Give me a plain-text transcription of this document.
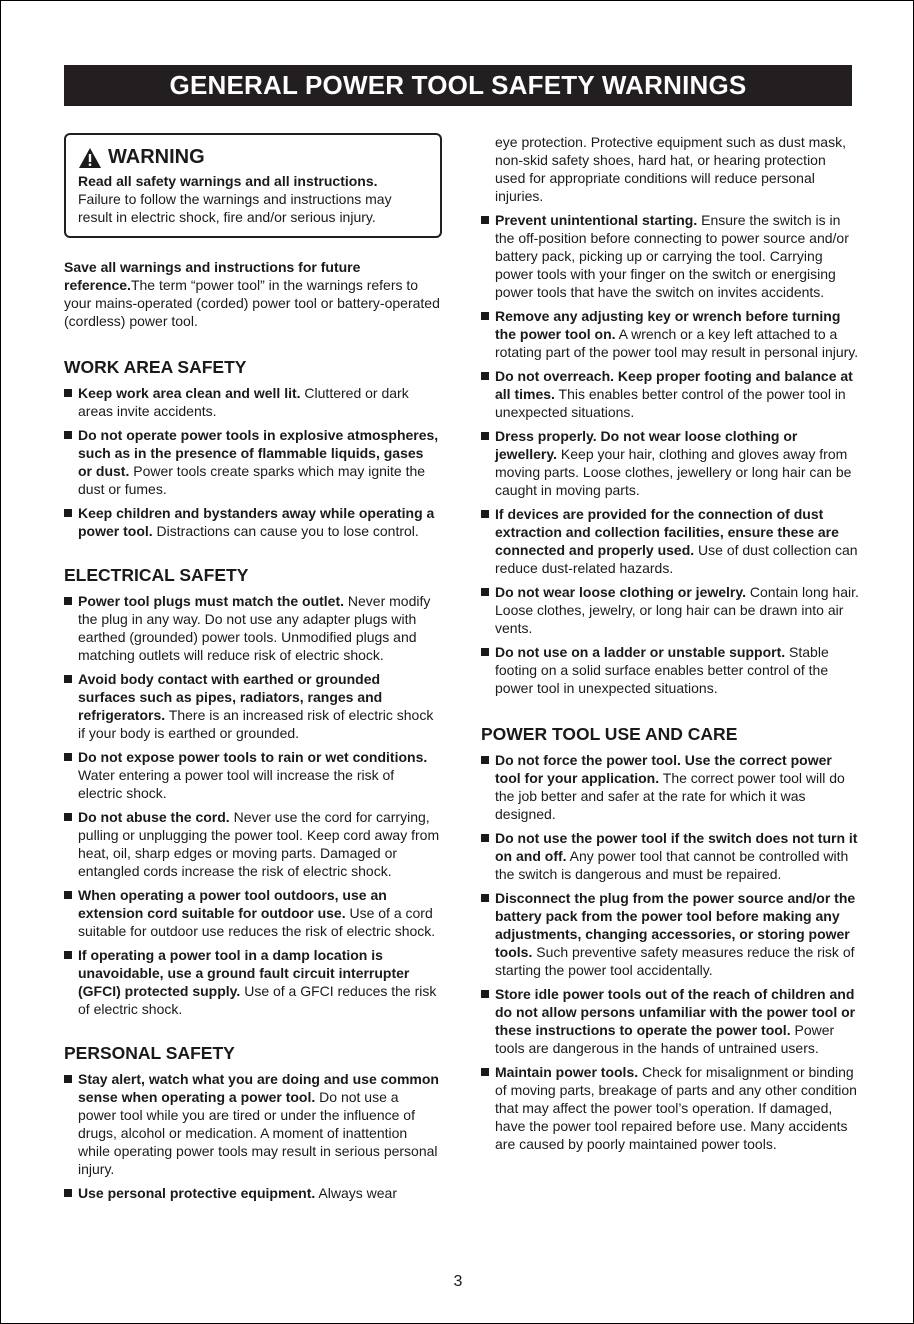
GENERAL POWER TOOL SAFETY WARNINGS
WARNING
Read all safety warnings and all instructions.
Failure to follow the warnings and instructions may result in electric shock, fire and/or serious injury.

Save all warnings and instructions for future reference.The term “power tool” in the warnings refers to your mains-operated (corded) power tool or battery-operated (cordless) power tool.

WORK AREA SAFETY
Keep work area clean and well lit. Cluttered or dark areas invite accidents.
Do not operate power tools in explosive atmospheres, such as in the presence of flammable liquids, gases or dust. Power tools create sparks which may ignite the dust or fumes.
Keep children and bystanders away while operating a power tool. Distractions can cause you to lose control.
ELECTRICAL SAFETY
Power tool plugs must match the outlet. Never modify the plug in any way. Do not use any adapter plugs with earthed (grounded) power tools. Unmodified plugs and matching outlets will reduce risk of electric shock.
Avoid body contact with earthed or grounded surfaces such as pipes, radiators, ranges and refrigerators. There is an increased risk of electric shock if your body is earthed or grounded.
Do not expose power tools to rain or wet conditions. Water entering a power tool will increase the risk of electric shock.
Do not abuse the cord. Never use the cord for carrying, pulling or unplugging the power tool. Keep cord away from heat, oil, sharp edges or moving parts. Damaged or entangled cords increase the risk of electric shock.
When operating a power tool outdoors, use an extension cord suitable for outdoor use. Use of a cord suitable for outdoor use reduces the risk of electric shock.
If operating a power tool in a damp location is unavoidable, use a ground fault circuit interrupter (GFCI) protected supply. Use of a GFCI reduces the risk of electric shock.
PERSONAL SAFETY
Stay alert, watch what you are doing and use common sense when operating a power tool. Do not use a power tool while you are tired or under the influence of drugs, alcohol or medication. A moment of inattention while operating power tools may result in serious personal injury.
Use personal protective equipment. Always wear
eye protection. Protective equipment such as dust mask, non-skid safety shoes, hard hat, or hearing protection used for appropriate conditions will reduce personal injuries.
Prevent unintentional starting. Ensure the switch is in the off-position before connecting to power source and/or battery pack, picking up or carrying the tool. Carrying power tools with your finger on the switch or energising power tools that have the switch on invites accidents.
Remove any adjusting key or wrench before turning the power tool on. A wrench or a key left attached to a rotating part of the power tool may result in personal injury.
Do not overreach. Keep proper footing and balance at all times. This enables better control of the power tool in unexpected situations.
Dress properly. Do not wear loose clothing or jewellery. Keep your hair, clothing and gloves away from moving parts. Loose clothes, jewellery or long hair can be caught in moving parts.
If devices are provided for the connection of dust extraction and collection facilities, ensure these are connected and properly used. Use of dust collection can reduce dust-related hazards.
Do not wear loose clothing or jewelry. Contain long hair. Loose clothes, jewelry, or long hair can be drawn into air vents.
Do not use on a ladder or unstable support. Stable footing on a solid surface enables better control of the power tool in unexpected situations.
POWER TOOL USE AND CARE
Do not force the power tool. Use the correct power tool for your application. The correct power tool will do the job better and safer at the rate for which it was designed.
Do not use the power tool if the switch does not turn it on and off. Any power tool that cannot be controlled with the switch is dangerous and must be repaired.
Disconnect the plug from the power source and/or the battery pack from the power tool before making any adjustments, changing accessories, or storing power tools. Such preventive safety measures reduce the risk of starting the power tool accidentally.
Store idle power tools out of the reach of children and do not allow persons unfamiliar with the power tool or these instructions to operate the power tool. Power tools are dangerous in the hands of untrained users.
Maintain power tools. Check for misalignment or binding of moving parts, breakage of parts and any other condition that may affect the power tool’s operation. If damaged, have the power tool repaired before use. Many accidents are caused by poorly maintained power tools.
3
